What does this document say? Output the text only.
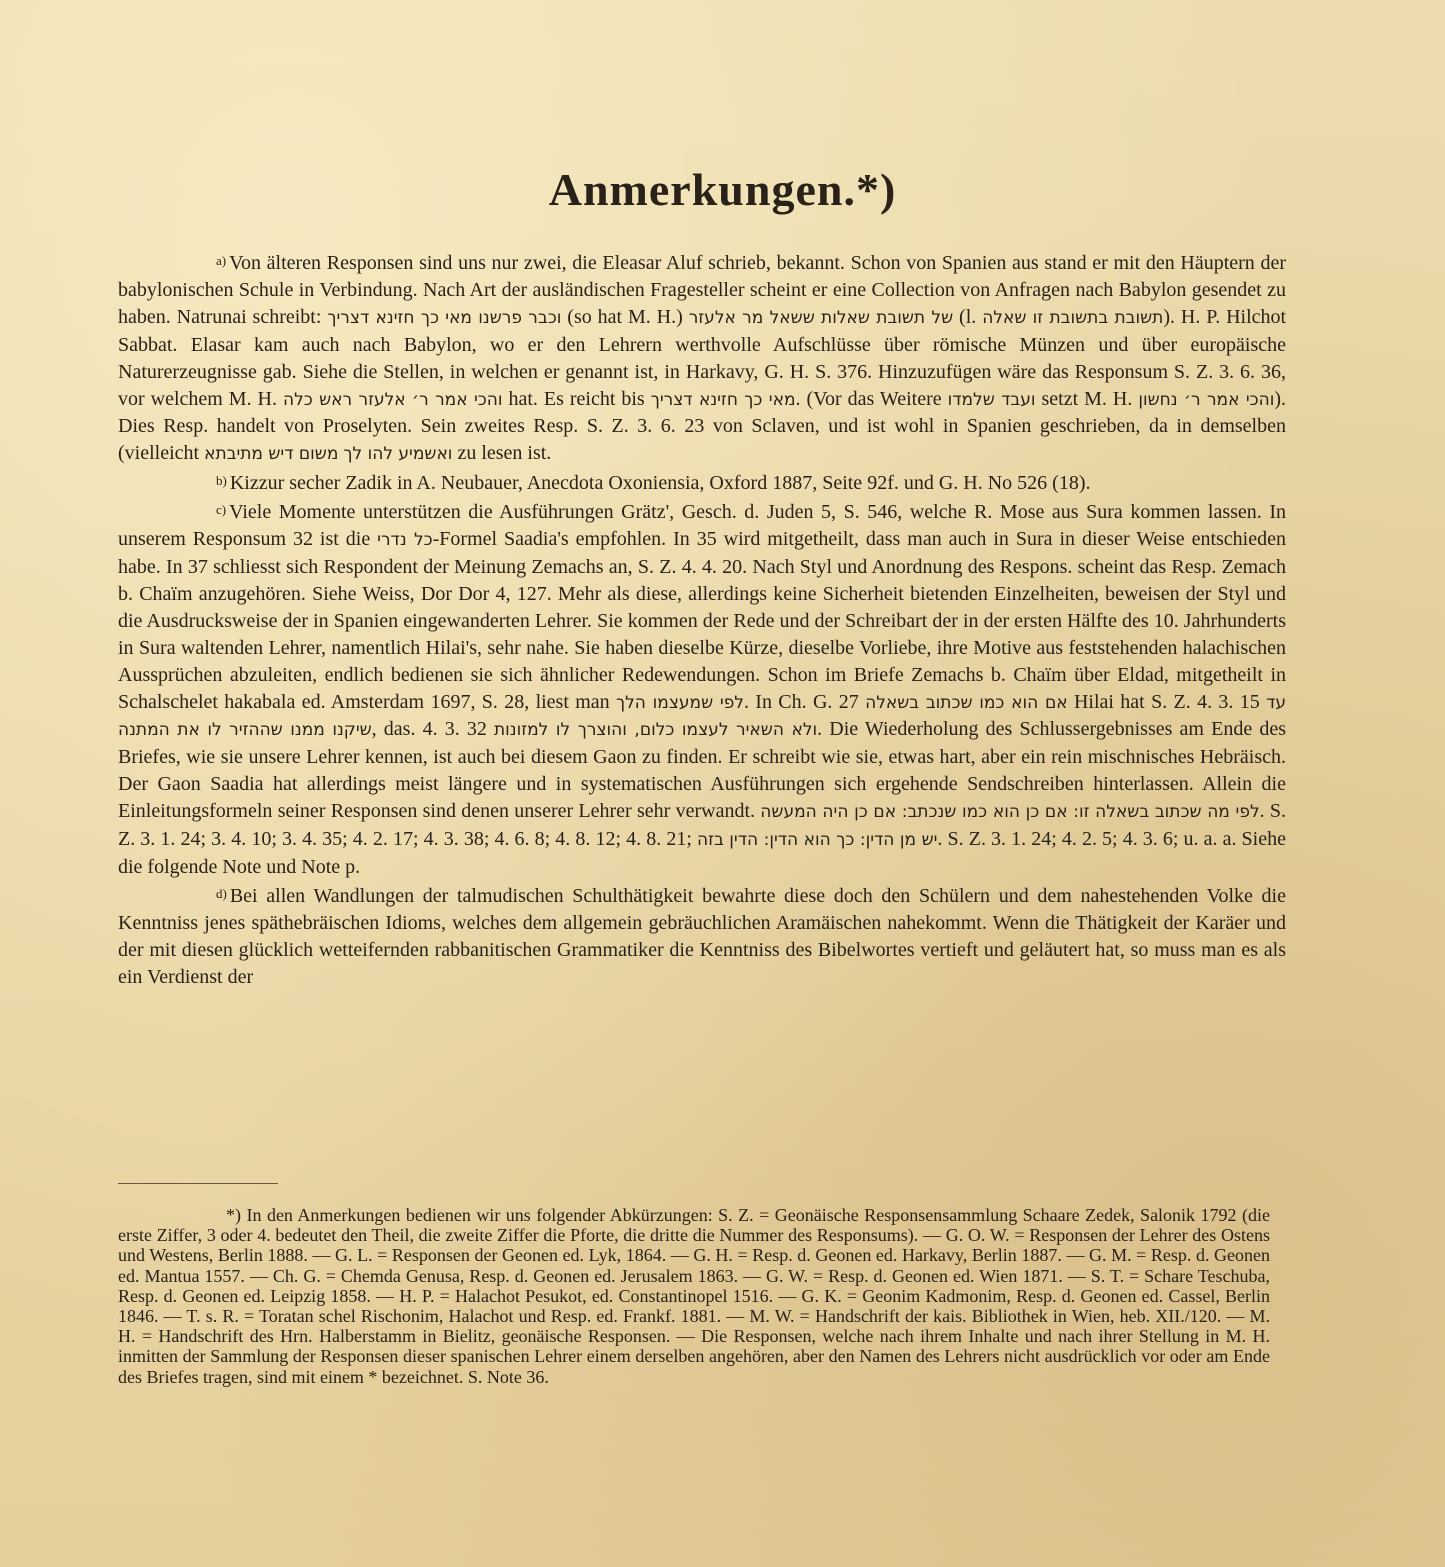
Anmerkungen.*)

$^{a)}$ Von älteren Responsen sind uns nur zwei, die Eleasar Aluf schrieb, bekannt. Schon von Spanien aus stand er mit den Häuptern der babylonischen Schule in Verbindung. Nach Art der ausländischen Fragesteller scheint er eine Collection von Anfragen nach Babylon gesendet zu haben. Natrunai schreibt: וכבר פרשנו מאי כך חזינא דצריך (so hat M. H.) של תשובת שאלות ששאל מר אלעזר (l. תשובת בתשובת זו שאלה). H. P. Hilchot Sabbat. Elasar kam auch nach Babylon, wo er den Lehrern werthvolle Aufschlüsse über römische Münzen und über europäische Naturerzeugnisse gab. Siehe die Stellen, in welchen er genannt ist, in Harkavy, G. H. S. 376. Hinzuzufügen wäre das Responsum S. Z. 3. 6. 36, vor welchem M. H. והכי אמר ר׳ אלעזר ראש כלה hat. Es reicht bis מאי כך חזינא דצריך. (Vor das Weitere ועבד שלמדו setzt M. H. והכי אמר ר׳ נחשון). Dies Resp. handelt von Proselyten. Sein zweites Resp. S. Z. 3. 6. 23 von Sclaven, und ist wohl in Spanien geschrieben, da in demselben (vielleicht	ואשמיע להו לך משום דיש מתיבתא	zu lesen ist.

$^{b)}$ Kizzur secher Zadik in A. Neubauer, Anecdota Oxoniensia, Oxford 1887, Seite 92f. und G. H. No 526 (18).

$^{c)}$ Viele Momente unterstützen die Ausführungen Grätz', Gesch. d. Juden 5, S. 546, welche R. Mose aus Sura kommen lassen. In unserem Responsum 32 ist die כל נדרי-Formel Saadia's empfohlen. In 35 wird mitgetheilt, dass man auch in Sura in dieser Weise entschieden habe. In 37 schliesst sich Respondent der Meinung Zemachs an, S. Z. 4. 4. 20. Nach Styl und Anordnung des Respons. scheint das Resp. Zemach b. Chaïm anzugehören. Siehe Weiss, Dor Dor 4, 127. Mehr als diese, allerdings keine Sicherheit bietenden Einzelheiten, beweisen der Styl und die Ausdrucksweise der in Spanien eingewanderten Lehrer. Sie kommen der Rede und der Schreibart der in der ersten Hälfte des 10. Jahrhunderts in Sura waltenden Lehrer, namentlich Hilai's, sehr nahe. Sie haben dieselbe Kürze, dieselbe Vorliebe, ihre Motive aus feststehenden halachischen Aussprüchen abzuleiten, endlich bedienen sie sich ähnlicher Redewendungen. Schon im Briefe Zemachs b. Chaïm über Eldad, mitgetheilt in Schalschelet hakabala ed. Amsterdam 1697, S. 28, liest man לפי שמעצמו הלך. In Ch. G. 27 אם הוא כמו שכתוב בשאלה Hilai hat S. Z. 4. 3. 15 עד שיקנו ממנו שההזיר לו את המתנה, das. 4. 3. 32 ולא השאיר לעצמו כלום, והוצרך לו למזונות. Die Wiederholung des Schlussergebnisses am Ende des Briefes, wie sie unsere Lehrer kennen, ist auch bei diesem Gaon zu finden. Er schreibt wie sie, etwas hart, aber ein rein mischnisches Hebräisch. Der Gaon Saadia hat allerdings meist längere und in systematischen Ausführungen sich ergehende Sendschreiben hinterlassen. Allein die Einleitungsformeln seiner Responsen sind denen unserer Lehrer sehr verwandt. לפי מה שכתוב בשאלה זו: אם כן הוא כמו שנכתב: אם כן היה המעשה. S. Z. 3. 1. 24; 3. 4. 10; 3. 4. 35; 4. 2. 17; 4. 3. 38; 4. 6. 8; 4. 8. 12; 4. 8. 21; יש מן הדין: כך הוא הדין: הדין בזה. S. Z. 3. 1. 24; 4. 2. 5; 4. 3. 6; u. a. a. Siehe die folgende Note und Note p.

$^{d)}$ Bei allen Wandlungen der talmudischen Schulthätigkeit bewahrte diese doch den Schülern und dem nahestehenden Volke die Kenntniss jenes späthebräischen Idioms, welches dem allgemein gebräuchlichen Aramäischen nahekommt. Wenn die Thätigkeit der Karäer und der mit diesen glücklich wetteifernden rabbanitischen Grammatiker die Kenntniss des Bibelwortes vertieft und geläutert hat, so muss man es als ein Verdienst der

*) In den Anmerkungen bedienen wir uns folgender Abkürzungen: S. Z. = Geonäische Responsensammlung Schaare Zedek, Salonik 1792 (die erste Ziffer, 3 oder 4. bedeutet den Theil, die zweite Ziffer die Pforte, die dritte die Nummer des Responsums). — G. O. W. = Responsen der Lehrer des Ostens und Westens, Berlin 1888. — G. L. = Responsen der Geonen ed. Lyk, 1864. — G. H. = Resp. d. Geonen ed. Harkavy, Berlin 1887. — G. M. = Resp. d. Geonen ed. Mantua 1557. — Ch. G. = Chemda Genusa, Resp. d. Geonen ed. Jerusalem 1863. — G. W. = Resp. d. Geonen ed. Wien 1871. — S. T. = Schare Teschuba, Resp. d. Geonen ed. Leipzig 1858. — H. P. = Halachot Pesukot, ed. Constantinopel 1516. — G. K. = Geonim Kadmonim, Resp. d. Geonen ed. Cassel, Berlin 1846. — T. s. R. = Toratan schel Rischonim, Halachot und Resp. ed. Frankf. 1881. — M. W. = Handschrift der kais. Bibliothek in Wien, heb. XII./120. — M. H. = Handschrift des Hrn. Halberstamm in Bielitz, geonäische Responsen. — Die Responsen, welche nach ihrem Inhalte und nach ihrer Stellung in M. H. inmitten der Sammlung der Responsen dieser spanischen Lehrer einem derselben angehören, aber den Namen des Lehrers nicht ausdrücklich vor oder am Ende des Briefes tragen, sind mit einem * bezeichnet. S. Note 36.
